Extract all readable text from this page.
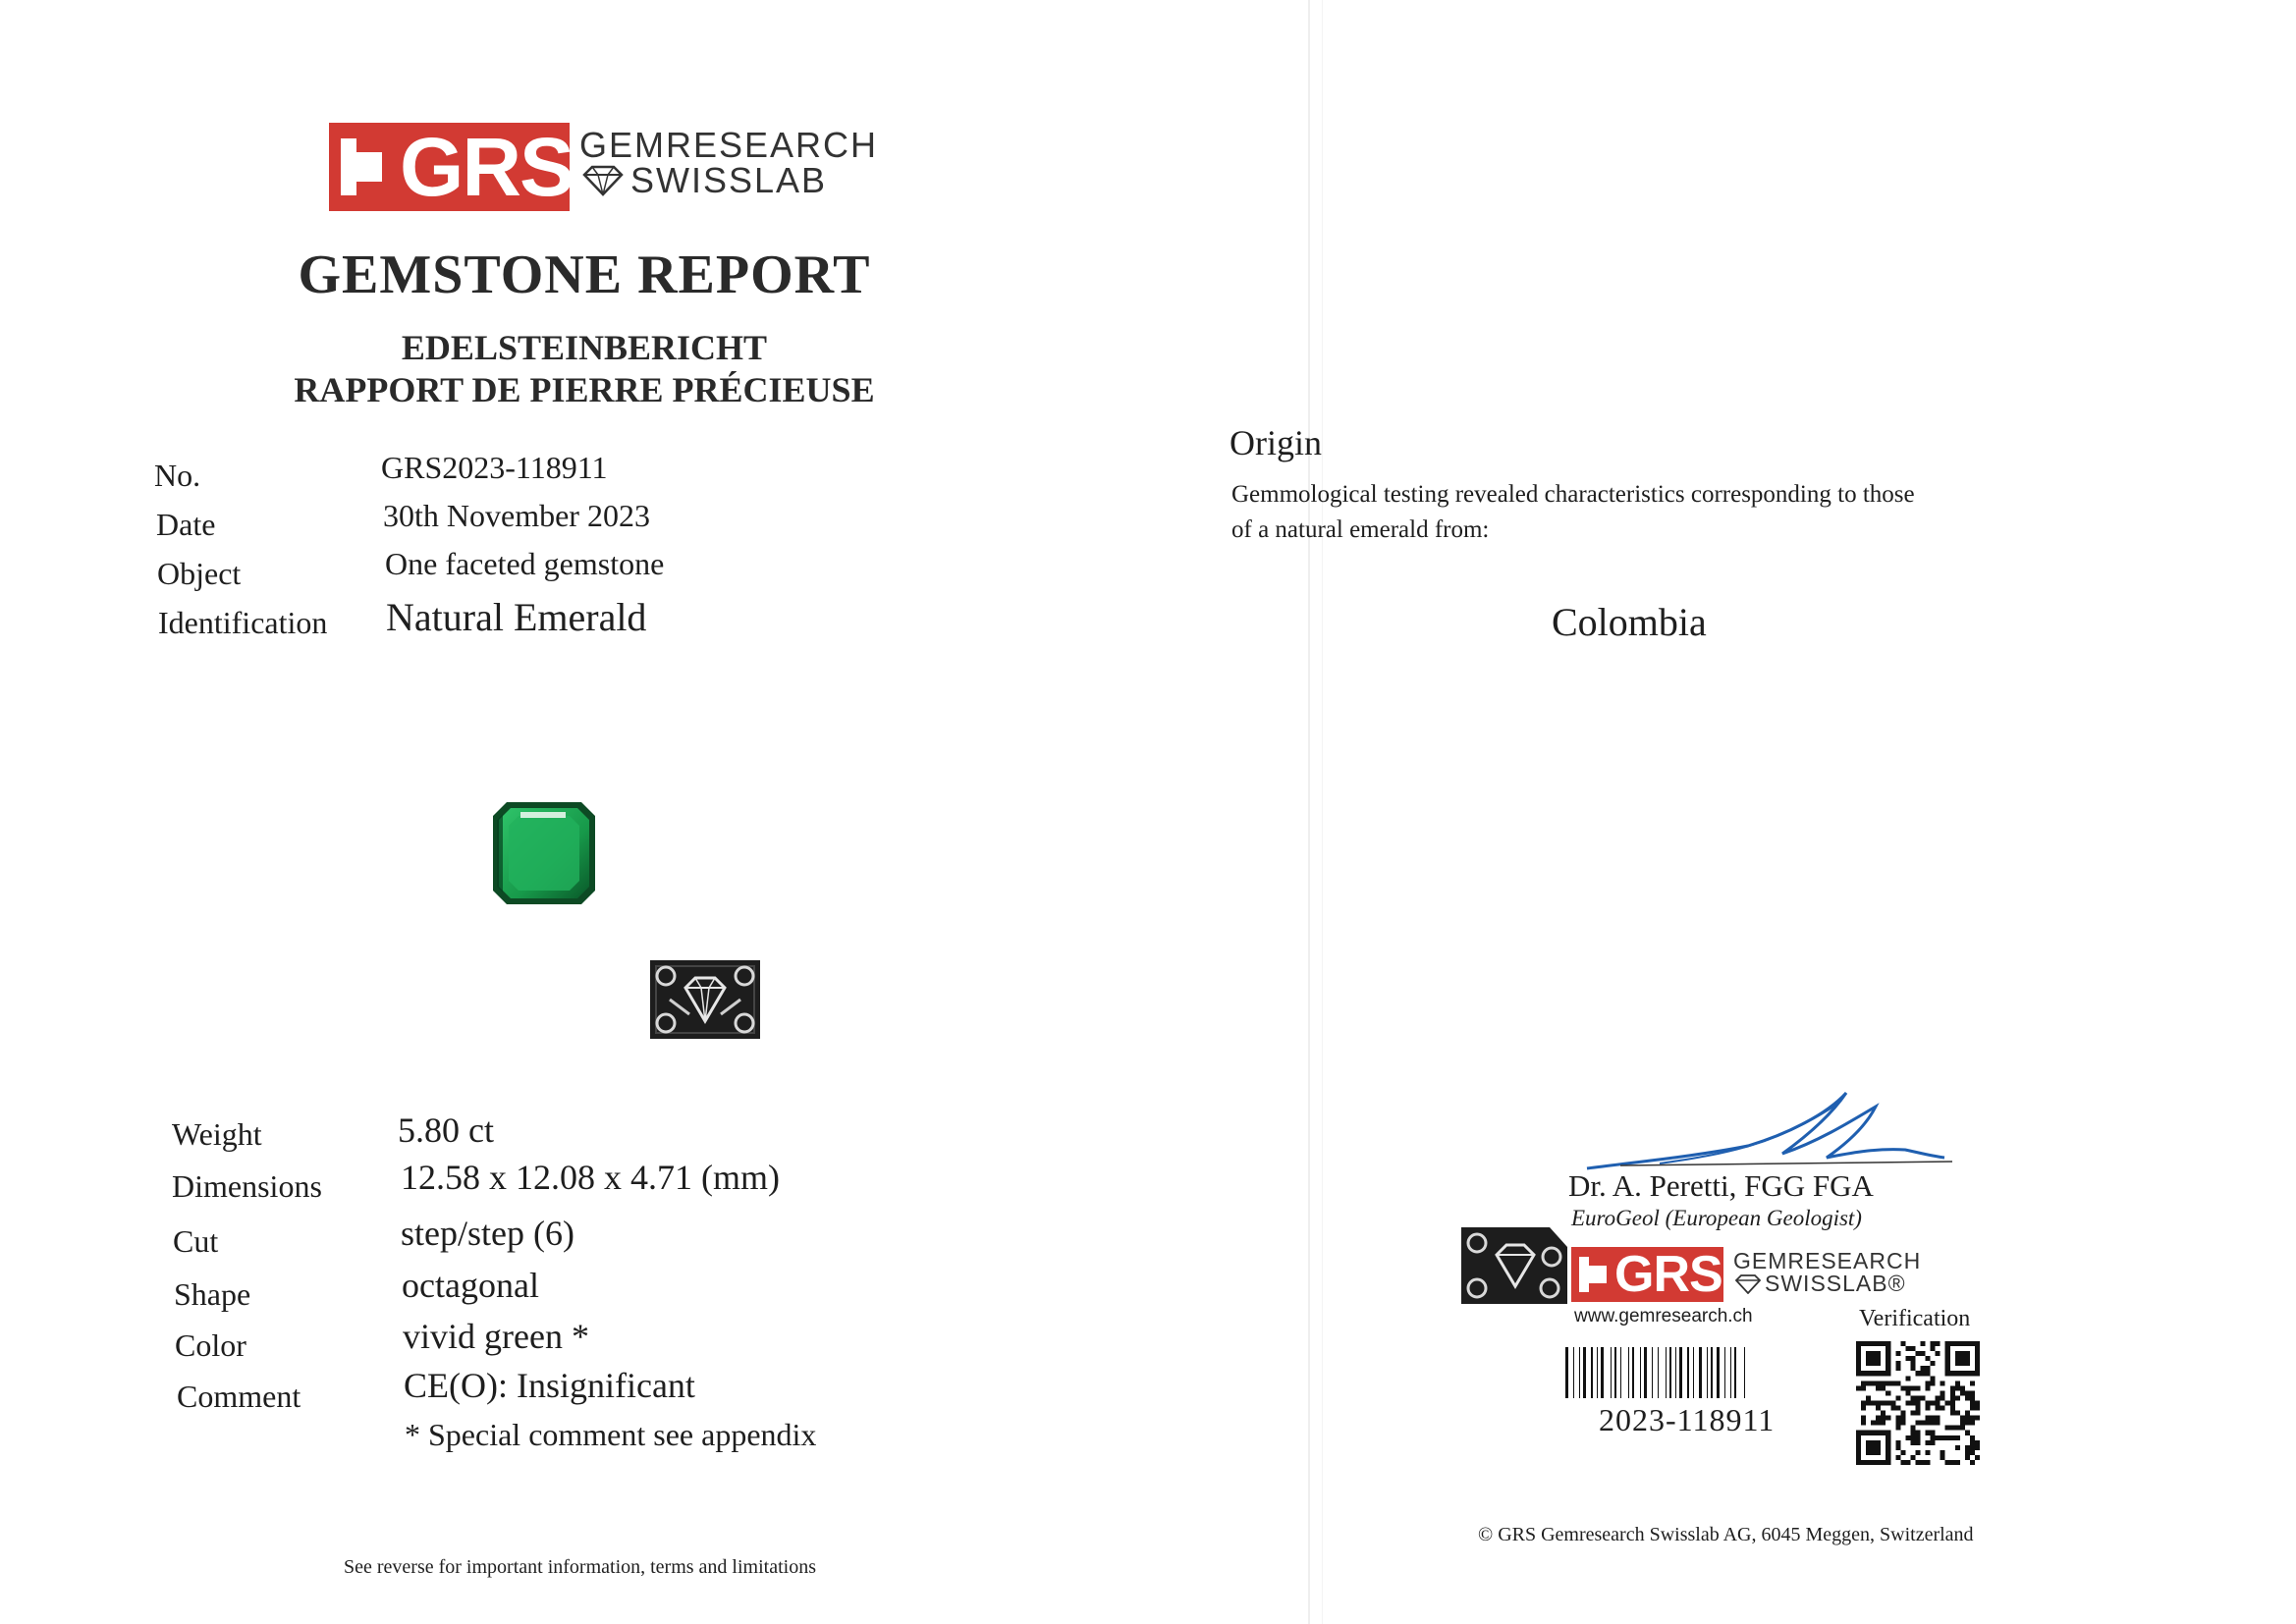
GRS GEMRESEARCH
SWISSLAB
GEMSTONE REPORT
EDELSTEINBERICHT
RAPPORT DE PIERRE PRÉCIEUSE
No.	GRS2023-118911
Date	30th November 2023
Object	One faceted gemstone
Identification Natural Emerald
Weight	5.80 ct
Dimensions 12.58 x 12.08 x 4.71 (mm)
Cut	step/step (6)
Shape	octagonal
Color	vivid green *
Comment	CE(O): Insignificant
* Special comment see appendix
See reverse for important information, terms and limitations
Origin
Gemmological testing revealed characteristics corresponding to those
of a natural emerald from:
Colombia
Dr. A. Peretti, FGG FGA
EuroGeol (European Geologist)
GRS GEMRESEARCH
SWISSLAB®
www.gemresearch.ch	Verification
2023-118911
© GRS Gemresearch Swisslab AG, 6045 Meggen, Switzerland
